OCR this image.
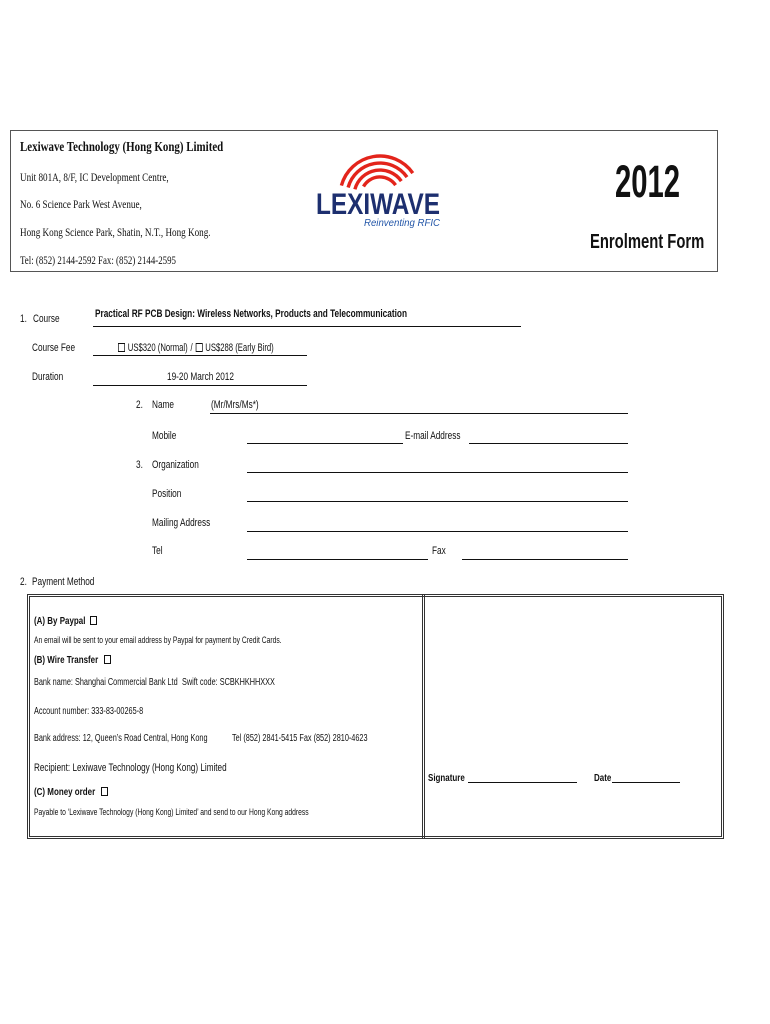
Lexiwave Technology (Hong Kong) Limited
Unit 801A, 8/F, IC Development Centre,
No. 6 Science Park West Avenue,
Hong Kong Science Park, Shatin, N.T., Hong Kong.
Tel: (852) 2144-2592 Fax: (852) 2144-2595
LEXIWAVE
Reinventing RFIC
2012
Enrolment Form
1. Course	Practical RF PCB Design: Wireless Networks, Products and Telecommunication
Course Fee	US$320 (Normal) / US$288 (Early Bird)
Duration	19-20 March 2012
2. Name	(Mr/Mrs/Ms*)
Mobile	E-mail Address
3. Organization
Position
Mailing Address
Tel	Fax
2. Payment Method
(A) By Paypal
An email will be sent to your email address by Paypal for payment by Credit Cards.
(B) Wire Transfer
Bank name: Shanghai Commercial Bank Ltd Swift code: SCBKHKHHXXX
Account number: 333-83-00265-8
Bank address: 12, Queen’s Road Central, Hong Kong Tel (852) 2841-5415 Fax (852) 2810-4623
Recipient: Lexiwave Technology (Hong Kong) Limited
(C) Money order
Payable to ‘Lexiwave Technology (Hong Kong) Limited’ and send to our Hong Kong address
Signature	Date
